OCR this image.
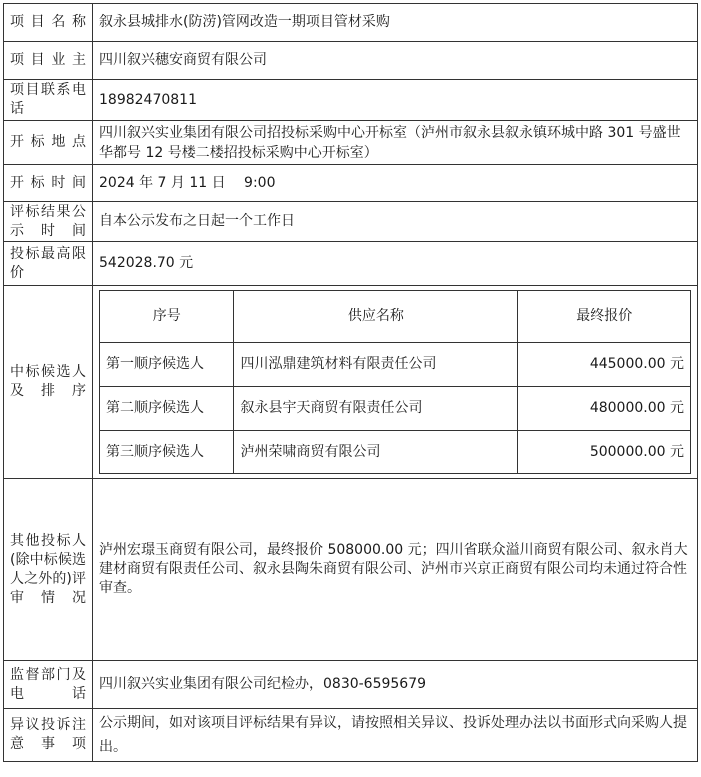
项目名称	叙永县城排水(防涝)管网改造一期项目管材采购
项目业主	四川叙兴穗安商贸有限公司
项目联系电话	18982470811
开标地点	四川叙兴实业集团有限公司招投标采购中心开标室（泸州市叙永县叙永镇环城中路 301 号盛世华都号 12 号楼二楼招投标采购中心开标室）
开标时间	2024 年 7 月 11 日　 9:00
评标结果公示时间	自本公示发布之日起一个工作日
投标最高限价	542028.70 元
中标候选人及排序	
序号	供应名称	最终报价
第一顺序候选人	四川泓鼎建筑材料有限责任公司	445000.00 元
第二顺序候选人	叙永县宇天商贸有限责任公司	480000.00 元
第三顺序候选人	泸州荣啸商贸有限公司	500000.00 元

其他投标人(除中标候选人之外的)评审情况	泸州宏璟玉商贸有限公司，最终报价 508000.00 元；四川省联众溢川商贸有限公司、叙永肖大建材商贸有限责任公司、叙永县陶朱商贸有限公司、泸州市兴京正商贸有限公司均未通过符合性审查。
监督部门及电话	四川叙兴实业集团有限公司纪检办，0830-6595679
异议投诉注意事项	公示期间，如对该项目评标结果有异议，请按照相关异议、投诉处理办法以书面形式向采购人提出。
